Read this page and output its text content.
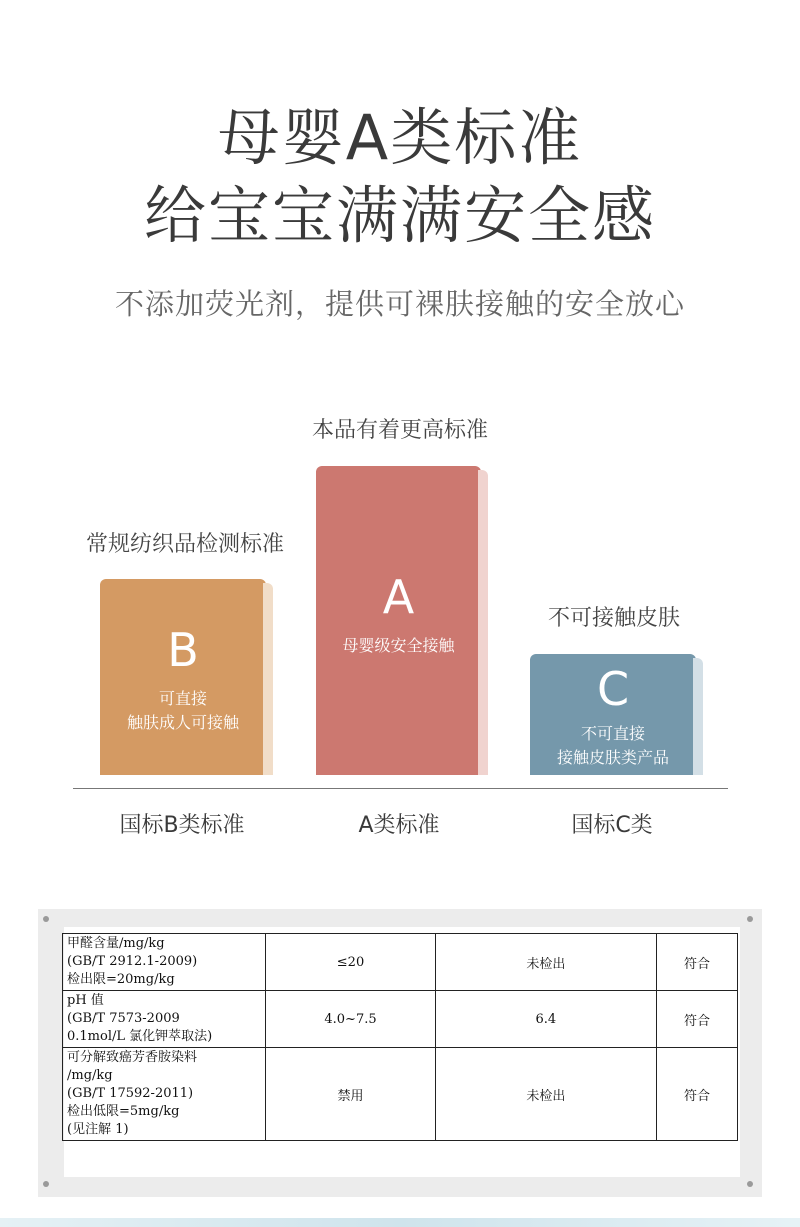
母婴A类标准
给宝宝满满安全感
不添加荧光剂，提供可裸肤接触的安全放心
本品有着更高标准
常规纺织品检测标准
不可接触皮肤
B
可直接
触肤成人可接触
A
母婴级安全接触
C
不可直接
接触皮肤类产品
国标B类标准	A类标准	国标C类
甲醛含量/mg/kg
(GB/T 2912.1-2009)
检出限=20mg/kg	≤20	未检出	符合

pH 值
(GB/T 7573-2009
0.1mol/L 氯化钾萃取法)	4.0~7.5	6.4	符合

可分解致癌芳香胺染料
/mg/kg
(GB/T 17592-2011)
检出低限=5mg/kg
(见注解 1)	禁用	未检出	符合
